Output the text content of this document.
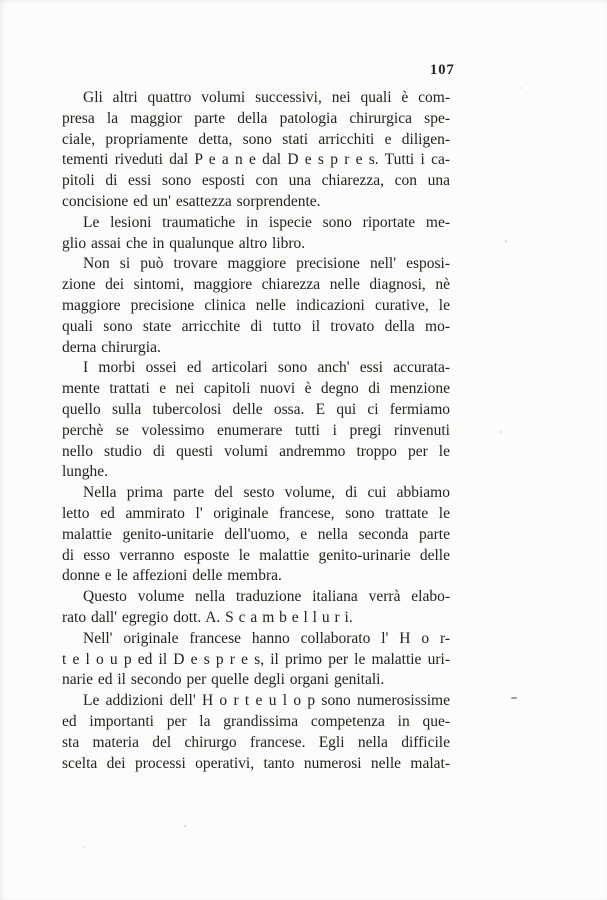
107

Gli altri quattro volumi successivi, nei quali è com-
presa la maggior parte della patologia chirurgica spe-
ciale, propriamente detta, sono stati arricchiti e diligen-
tementi riveduti dal P e a n e dal D e s p r e s. Tutti i ca-
pitoli di essi sono esposti con una chiarezza, con una
concisione ed un' esattezza sorprendente.

Le lesioni traumatiche in ispecie sono riportate me-
glio assai che in qualunque altro libro.

Non si può trovare maggiore precisione nell' esposi-
zione dei sintomi, maggiore chiarezza nelle diagnosi, nè
maggiore precisione clinica nelle indicazioni curative, le
quali sono state arricchite di tutto il trovato della mo-
derna chirurgia.

I morbi ossei ed articolari sono anch' essi accurata-
mente trattati e nei capitoli nuovi è degno di menzione
quello sulla tubercolosi delle ossa. E qui ci fermiamo
perchè se volessimo enumerare tutti i pregi rinvenuti
nello studio di questi volumi andremmo troppo per le
lunghe.

Nella prima parte del sesto volume, di cui abbiamo
letto ed ammirato l' originale francese, sono trattate le
malattie genito-unitarie dell'uomo, e nella seconda parte
di esso verranno esposte le malattie genito-urinarie delle
donne e le affezioni delle membra.

Questo volume nella traduzione italiana verrà elabo-
rato dall' egregio dott. A. S c a m b e l l u r i.

Nell' originale francese hanno collaborato l' H o r-
t e l o u p ed il D e s p r e s, il primo per le malattie uri-
narie ed il secondo per quelle degli organi genitali.

Le addizioni dell' H o r t e u l o p sono numerosissime
ed importanti per la grandissima competenza in que-
sta materia del chirurgo francese. Egli nella difficile
scelta dei processi operativi, tanto numerosi nelle malat-
